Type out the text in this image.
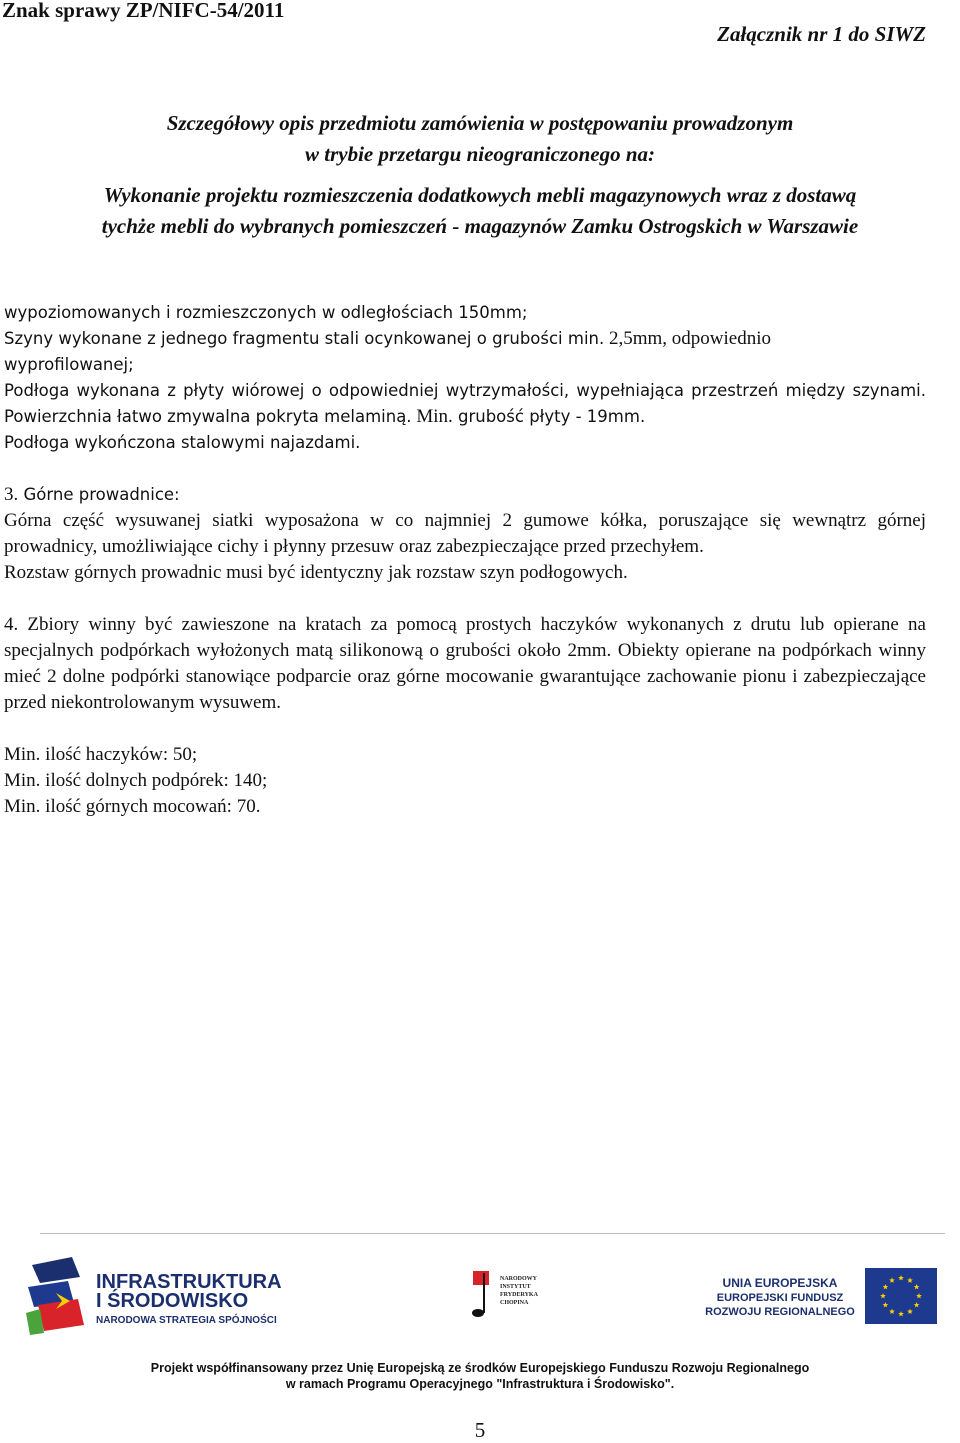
Znak sprawy ZP/NIFC-54/2011
Załącznik nr 1 do SIWZ
Szczegółowy opis przedmiotu zamówienia w postępowaniu prowadzonym
w trybie przetargu nieograniczonego na:
Wykonanie projektu rozmieszczenia dodatkowych mebli magazynowych wraz z dostawą
tychże mebli do wybranych pomieszczeń - magazynów Zamku Ostrogskich w Warszawie

wypoziomowanych i rozmieszczonych w odległościach 150mm;

Szyny wykonane z jednego fragmentu stali ocynkowanej o grubości min. 2,5mm, odpowiednio
wyprofilowanej;

Podłoga wykonana z płyty wiórowej o odpowiedniej wytrzymałości, wypełniająca przestrzeń między szynami. Powierzchnia łatwo zmywalna pokryta melaminą. Min. grubość płyty - 19mm.
Podłoga wykończona stalowymi najazdami.

3. Górne prowadnice:

Górna część wysuwanej siatki wyposażona w co najmniej 2 gumowe kółka, poruszające się wewnątrz górnej prowadnicy, umożliwiające cichy i płynny przesuw oraz zabezpieczające przed przechyłem.

Rozstaw górnych prowadnic musi być identyczny jak rozstaw szyn podłogowych.

4. Zbiory winny być zawieszone na kratach za pomocą prostych haczyków wykonanych z drutu lub opierane na specjalnych podpórkach wyłożonych matą silikonową o grubości około 2mm. Obiekty opierane na podpórkach winny mieć 2 dolne podpórki stanowiące podparcie oraz górne mocowanie gwarantujące zachowanie pionu i zabezpieczające przed niekontrolowanym wysuwem.

Min. ilość haczyków: 50;

Min. ilość dolnych podpórek: 140;

Min. ilość górnych mocowań: 70.

INFRASTRUKTURA
I ŚRODOWISKO
NARODOWA STRATEGIA SPÓJNOŚCI
NARODOWY
INSTYTUT
FRYDERYKA
CHOPINA
UNIA EUROPEJSKA
EUROPEJSKI FUNDUSZ
ROZWOJU REGIONALNEGO
Projekt współfinansowany przez Unię Europejską ze środków Europejskiego Funduszu Rozwoju Regionalnego
w ramach Programu Operacyjnego "Infrastruktura i Środowisko".
5
